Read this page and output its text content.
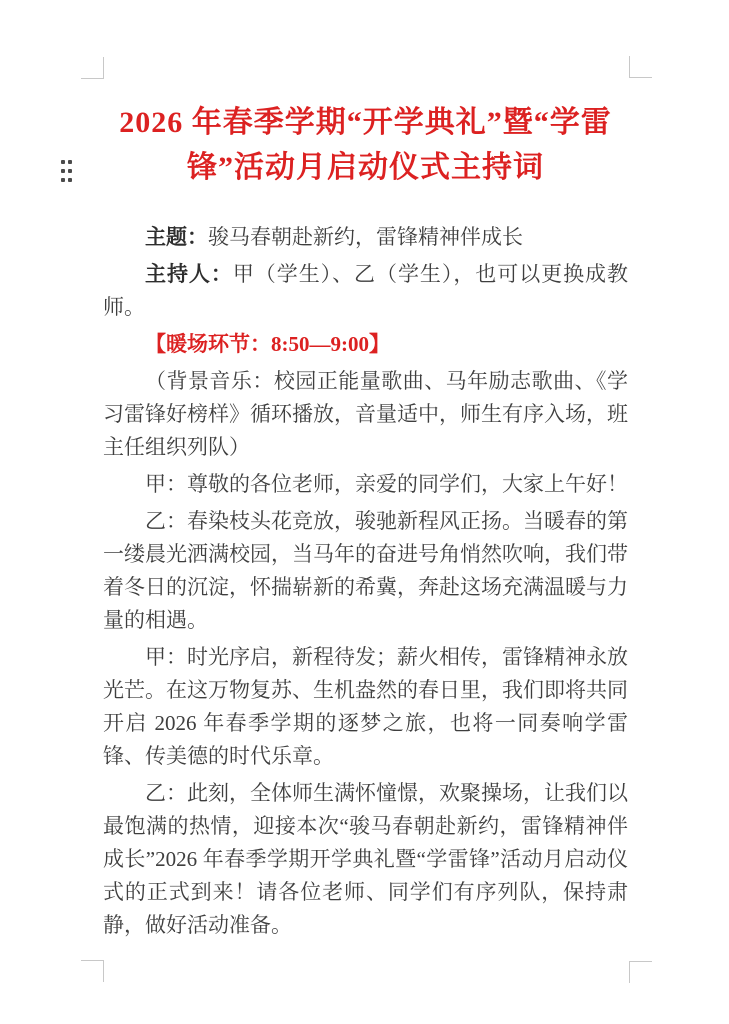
2026 年春季学期“开学典礼”暨“学雷
锋”活动月启动仪式主持词

主题：骏马春朝赴新约，雷锋精神伴成长

主持人：甲（学生）、乙（学生），也可以更换成教师。

【暖场环节：8:50—9:00】

（背景音乐：校园正能量歌曲、马年励志歌曲、《学习雷锋好榜样》循环播放，音量适中，师生有序入场，班主任组织列队）

甲：尊敬的各位老师，亲爱的同学们，大家上午好！

乙：春染枝头花竞放，骏驰新程风正扬。当暖春的第一缕晨光洒满校园，当马年的奋进号角悄然吹响，我们带着冬日的沉淀，怀揣崭新的希冀，奔赴这场充满温暖与力量的相遇。

甲：时光序启，新程待发；薪火相传，雷锋精神永放光芒。在这万物复苏、生机盎然的春日里，我们即将共同开启 2026 年春季学期的逐梦之旅，也将一同奏响学雷锋、传美德的时代乐章。

乙：此刻，全体师生满怀憧憬，欢聚操场，让我们以最饱满的热情，迎接本次“骏马春朝赴新约，雷锋精神伴成长”2026 年春季学期开学典礼暨“学雷锋”活动月启动仪式的正式到来！请各位老师、同学们有序列队，保持肃静，做好活动准备。
